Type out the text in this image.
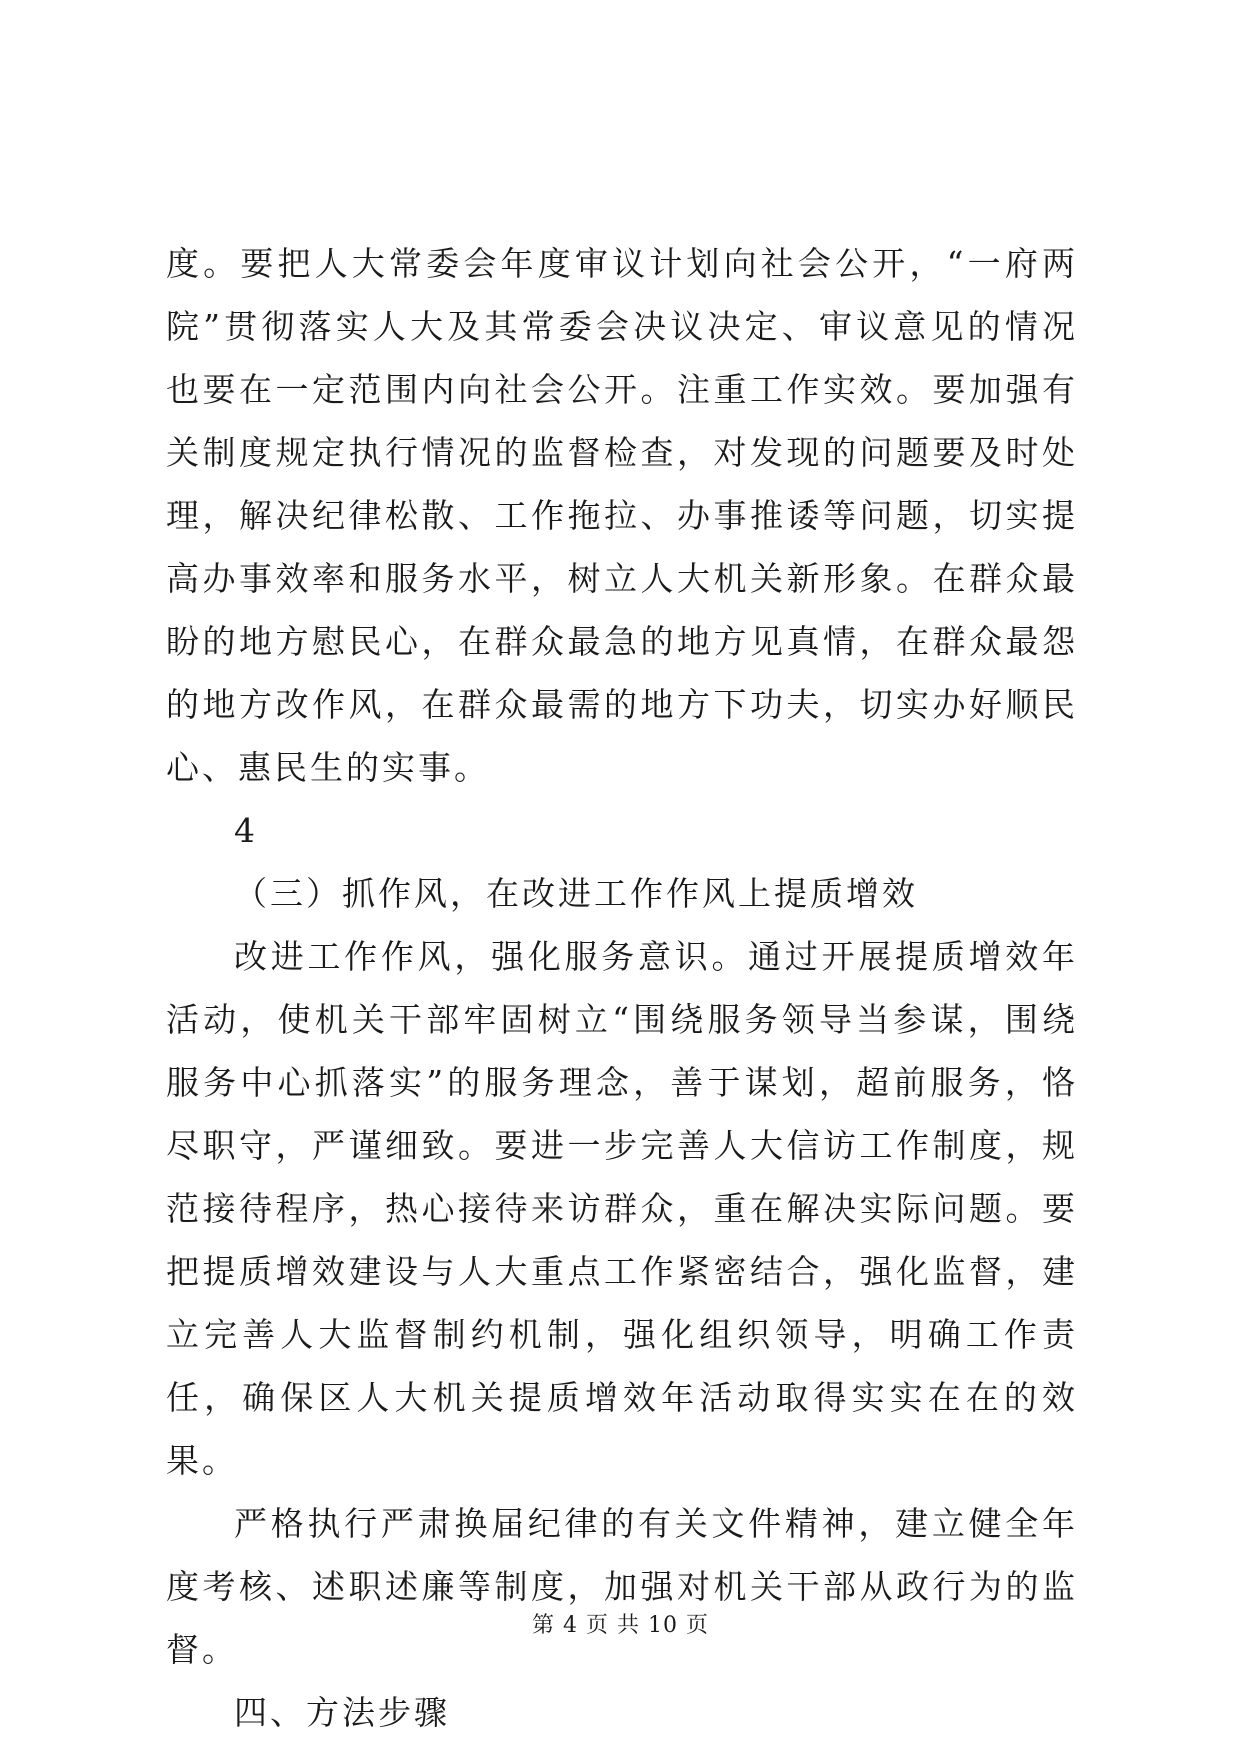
度。要把人大常委会年度审议计划向社会公开，“一府两院”贯彻落实人大及其常委会决议决定、审议意见的情况也要在一定范围内向社会公开。注重工作实效。要加强有关制度规定执行情况的监督检查，对发现的问题要及时处理，解决纪律松散、工作拖拉、办事推诿等问题，切实提高办事效率和服务水平，树立人大机关新形象。在群众最盼的地方慰民心，在群众最急的地方见真情，在群众最怨的地方改作风，在群众最需的地方下功夫，切实办好顺民心、惠民生的实事。

4

（三）抓作风，在改进工作作风上提质增效

改进工作作风，强化服务意识。通过开展提质增效年活动，使机关干部牢固树立“围绕服务领导当参谋，围绕服务中心抓落实”的服务理念，善于谋划，超前服务，恪尽职守，严谨细致。要进一步完善人大信访工作制度，规范接待程序，热心接待来访群众，重在解决实际问题。要把提质增效建设与人大重点工作紧密结合，强化监督，建立完善人大监督制约机制，强化组织领导，明确工作责任，确保区人大机关提质增效年活动取得实实在在的效果。

严格执行严肃换届纪律的有关文件精神，建立健全年度考核、述职述廉等制度，加强对机关干部从政行为的监督。

四、方法步骤

第 4 页 共 10 页
